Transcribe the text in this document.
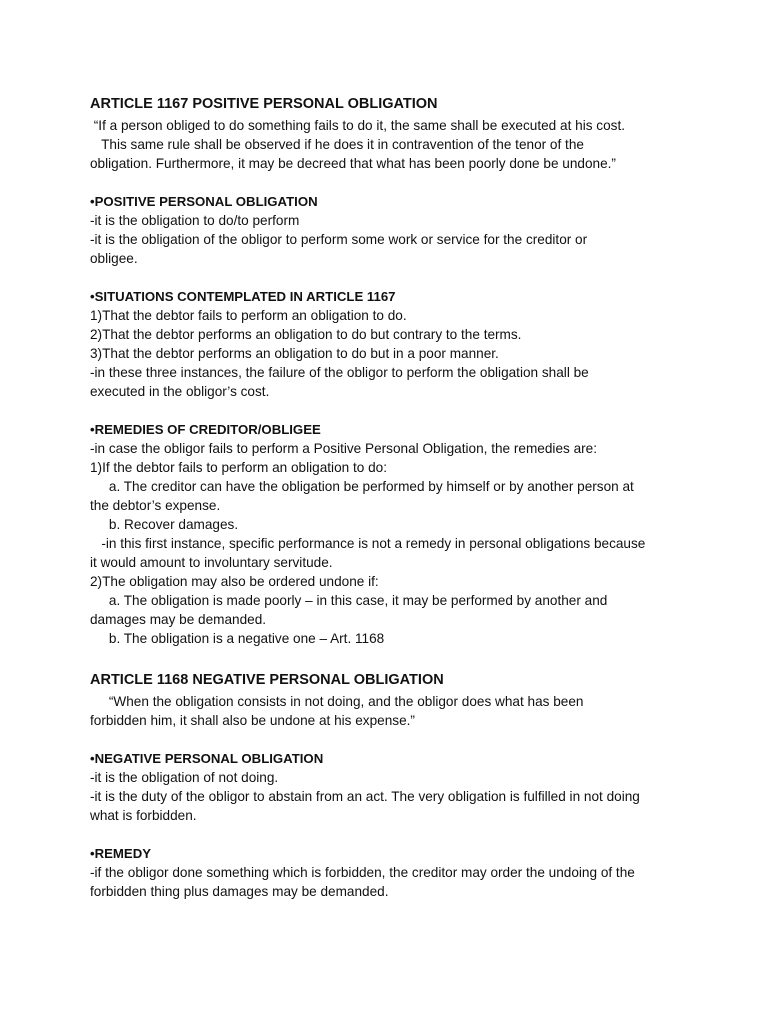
ARTICLE 1167 POSITIVE PERSONAL OBLIGATION
“If a person obliged to do something fails to do it, the same shall be executed at his cost.
This same rule shall be observed if he does it in contravention of the tenor of the
obligation. Furthermore, it may be decreed that what has been poorly done be undone.”
•POSITIVE PERSONAL OBLIGATION
-it is the obligation to do/to perform
-it is the obligation of the obligor to perform some work or service for the creditor or
obligee.
•SITUATIONS CONTEMPLATED IN ARTICLE 1167
1)That the debtor fails to perform an obligation to do.
2)That the debtor performs an obligation to do but contrary to the terms.
3)That the debtor performs an obligation to do but in a poor manner.
-in these three instances, the failure of the obligor to perform the obligation shall be
executed in the obligor’s cost.
•REMEDIES OF CREDITOR/OBLIGEE
-in case the obligor fails to perform a Positive Personal Obligation, the remedies are:
1)If the debtor fails to perform an obligation to do:
a. The creditor can have the obligation be performed by himself or by another person at
the debtor’s expense.
b. Recover damages.
-in this first instance, specific performance is not a remedy in personal obligations because
it would amount to involuntary servitude.
2)The obligation may also be ordered undone if:
a. The obligation is made poorly – in this case, it may be performed by another and
damages may be demanded.
b. The obligation is a negative one – Art. 1168
ARTICLE 1168 NEGATIVE PERSONAL OBLIGATION
“When the obligation consists in not doing, and the obligor does what has been
forbidden him, it shall also be undone at his expense.”
•NEGATIVE PERSONAL OBLIGATION
-it is the obligation of not doing.
-it is the duty of the obligor to abstain from an act. The very obligation is fulfilled in not doing
what is forbidden.
•REMEDY
-if the obligor done something which is forbidden, the creditor may order the undoing of the
forbidden thing plus damages may be demanded.
